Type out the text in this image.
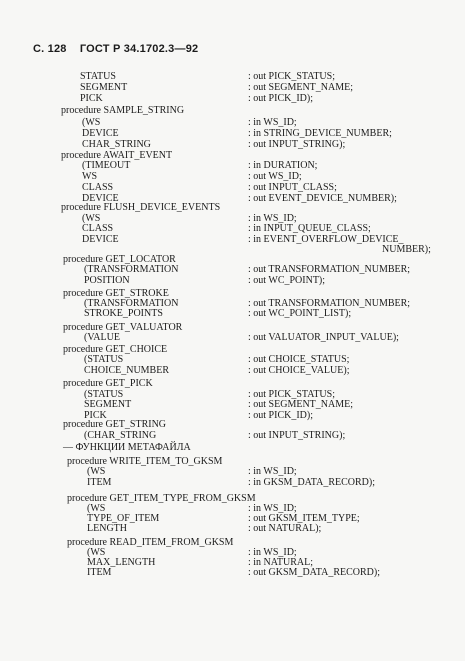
С. 128 ГОСТ Р 34.1702.3—92
STATUS
SEGMENT
PICK
procedure SAMPLE_STRING
(WS
DEVICE
CHAR_STRING
procedure AWAIT_EVENT
(TIMEOUT
WS
CLASS
DEVICE
procedure FLUSH_DEVICE_EVENTS
(WS
CLASS
DEVICE
procedure GET_LOCATOR
(TRANSFORMATION
POSITION
procedure GET_STROKE
(TRANSFORMATION
STROKE_POINTS
procedure GET_VALUATOR
(VALUE
procedure GET_CHOICE
(STATUS
CHOICE_NUMBER
procedure GET_PICK
(STATUS
SEGMENT
PICK
procedure GET_STRING
(CHAR_STRING
— ФУНКЦИИ МЕТАФАЙЛА
procedure WRITE_ITEM_TO_GKSM
(WS
ITEM
procedure GET_ITEM_TYPE_FROM_GKSM
(WS
TYPE_OF_ITEM
LENGTH
procedure READ_ITEM_FROM_GKSM
(WS
MAX_LENGTH
ITEM
: out PICK_STATUS;
: out SEGMENT_NAME;
: out PICK_ID);
: in WS_ID;
: in STRING_DEVICE_NUMBER;
: out INPUT_STRING);
: in DURATION;
: out WS_ID;
: out INPUT_CLASS;
: out EVENT_DEVICE_NUMBER);
: in WS_ID;
: in INPUT_QUEUE_CLASS;
: in EVENT_OVERFLOW_DEVICE_
NUMBER);
: out TRANSFORMATION_NUMBER;
: out WC_POINT);
: out TRANSFORMATION_NUMBER;
: out WC_POINT_LIST);
: out VALUATOR_INPUT_VALUE);
: out CHOICE_STATUS;
: out CHOICE_VALUE);
: out PICK_STATUS;
: out SEGMENT_NAME;
: out PICK_ID);
: out INPUT_STRING);
: in WS_ID;
: in GKSM_DATA_RECORD);
: in WS_ID;
: out GKSM_ITEM_TYPE;
: out NATURAL);
: in WS_ID;
: in NATURAL;
: out GKSM_DATA_RECORD);
